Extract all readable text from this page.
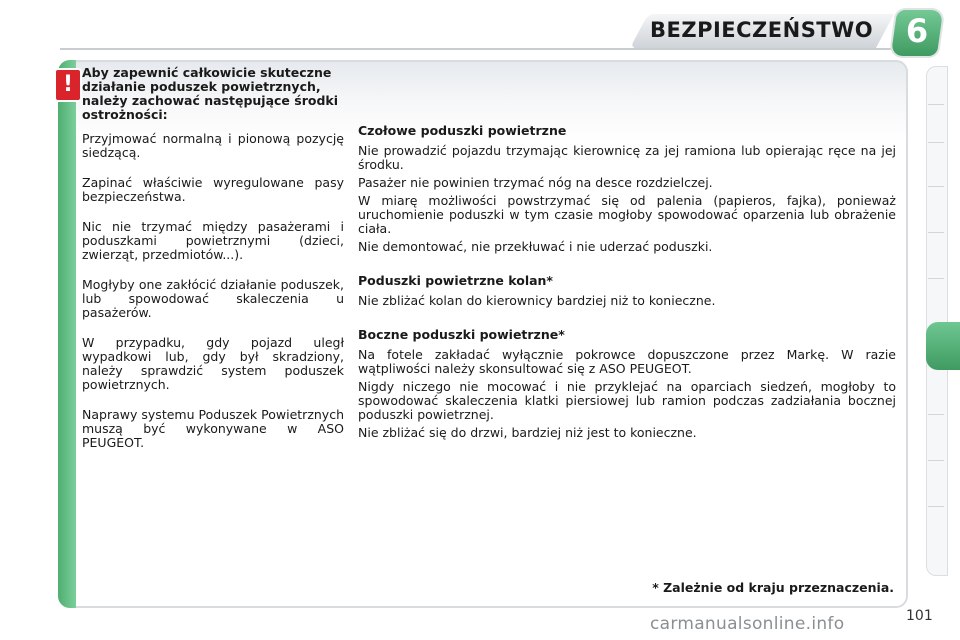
BEZPIECZEŃSTWO	6
! Aby zapewnić całkowicie skuteczne działanie poduszek powietrznych, należy zachować następujące środki ostrożności:

Przyjmować normalną i pionową pozycję siedzącą.

Zapinać właściwie wyregulowane pasy bezpieczeństwa.

Nic nie trzymać między pasażerami i poduszkami powietrznymi (dzieci, zwierząt, przedmiotów...).

Mogłyby one zakłócić działanie poduszek, lub spowodować skaleczenia u pasażerów.

W przypadku, gdy pojazd uległ wypadkowi lub, gdy był skradziony, należy sprawdzić system poduszek powietrznych.

Naprawy systemu Poduszek Powietrznych muszą być wykonywane w ASO PEUGEOT.

Czołowe poduszki powietrzne

Nie prowadzić pojazdu trzymając kierownicę za jej ramiona lub opierając ręce na jej środku.

Pasażer nie powinien trzymać nóg na desce rozdzielczej.

W miarę możliwości powstrzymać się od palenia (papieros, fajka), ponieważ uruchomienie poduszki w tym czasie mogłoby spowodować oparzenia lub obrażenie ciała.

Nie demontować, nie przekłuwać i nie uderzać poduszki.

Poduszki powietrzne kolan*

Nie zbliżać kolan do kierownicy bardziej niż to konieczne.

Boczne poduszki powietrzne*

Na fotele zakładać wyłącznie pokrowce dopuszczone przez Markę. W razie wątpliwości należy skonsultować się z ASO PEUGEOT.

Nigdy niczego nie mocować i nie przyklejać na oparciach siedzeń, mogłoby to spowodować skaleczenia klatki piersiowej lub ramion podczas zadziałania bocznej poduszki powietrznej.

Nie zbliżać się do drzwi, bardziej niż jest to konieczne.

* Zależnie od kraju przeznaczenia.
carmanualsonline.info	101
